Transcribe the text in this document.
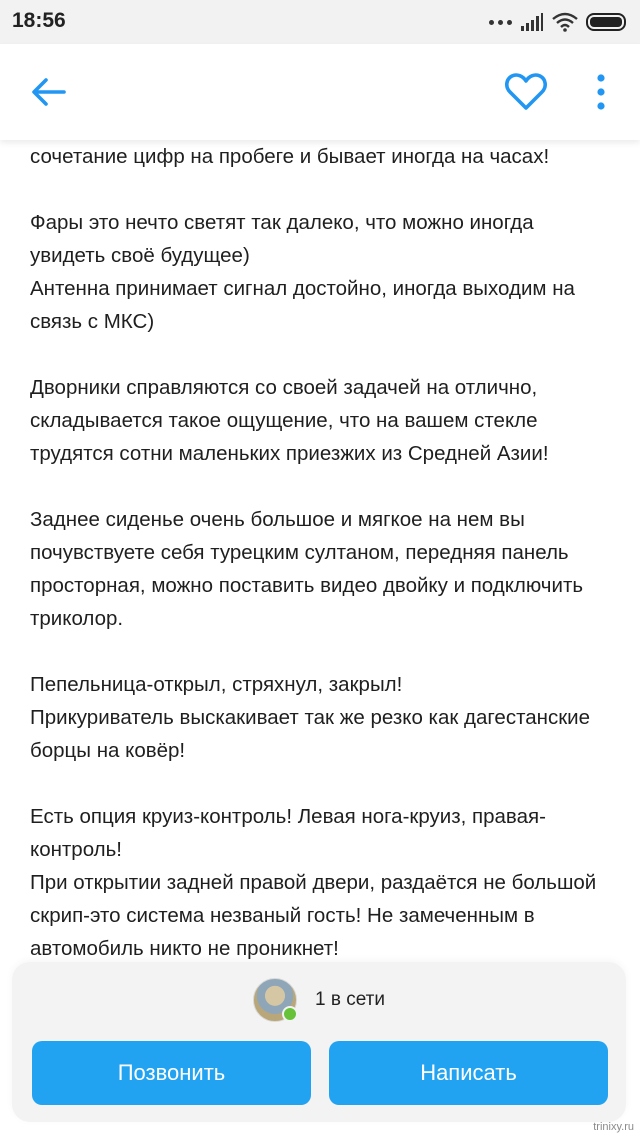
18:56

сочетание цифр на пробеге и бывает иногда на часах!

Фары это нечто светят так далеко, что можно иногда

увидеть своё будущее)

Антенна принимает сигнал достойно, иногда выходим на

связь с МКС)

Дворники справляются со своей задачей на отлично,

складывается такое ощущение, что на вашем стекле

трудятся сотни маленьких приезжих из Средней Азии!

Заднее сиденье очень большое и мягкое на нем вы

почувствуете себя турецким султаном, передняя панель

просторная, можно поставить видео двойку и подключить

триколор.

Пепельница-открыл, стряхнул, закрыл!

Прикуриватель выскакивает так же резко как дагестанские

борцы на ковёр!

Есть опция круиз-контроль! Левая нога-круиз, правая-

контроль!

При открытии задней правой двери, раздаётся не большой

скрип-это система незваный гость! Не замеченным в

автомобиль никто не проникнет!

1 в сети
Позвонить	Написать
trinixy.ru
